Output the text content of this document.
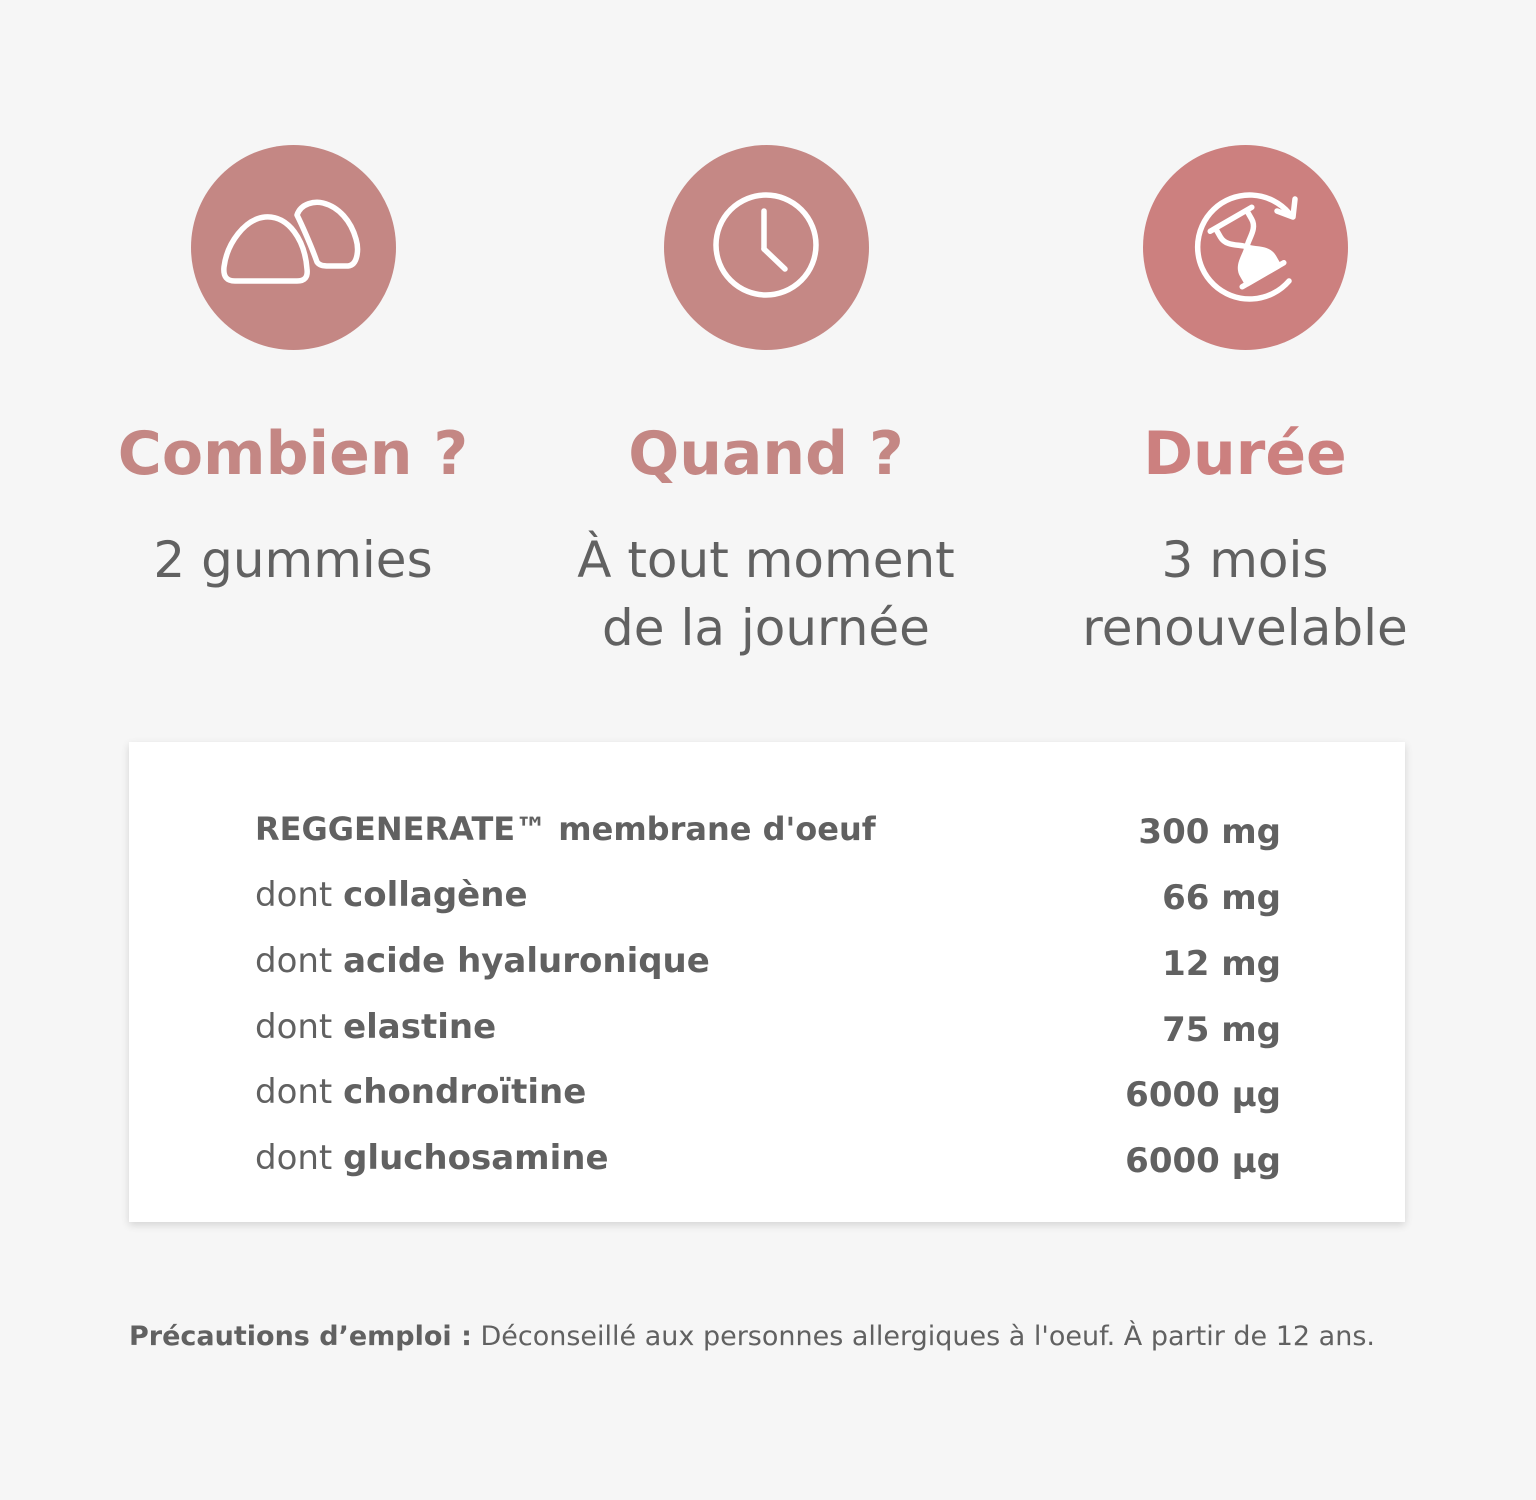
Combien ?
2 gummies
Quand ?
À tout moment
de la journée
Durée
3 mois
renouvelable
REGGENERATE™ membrane d'oeuf	300 mg
dont collagène	66 mg
dont acide hyaluronique	12 mg
dont elastine	75 mg
dont chondroïtine	6000 µg
dont gluchosamine	6000 µg
Précautions d’emploi : Déconseillé aux personnes allergiques à l'oeuf. À partir de 12 ans.
